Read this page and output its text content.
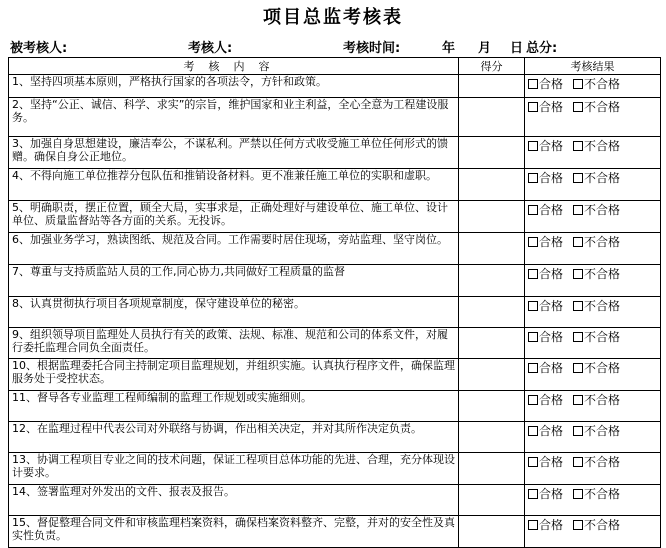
项目总监考核表
被考核人:	考核人:	考核时间:	年 月 日 总分:
考核内容	得分	考核结果
1、坚持四项基本原则，严格执行国家的各项法令，方针和政策。		合格 不合格
2、坚持“公正、诚信、科学、求实”的宗旨，维护国家和业主利益，全心全意为工程建设服务。		合格 不合格
3、加强自身思想建设，廉洁奉公，不谋私利。严禁以任何方式收受施工单位任何形式的馈赠。确保自身公正地位。		合格 不合格
4、不得向施工单位推荐分包队伍和推销设备材料。更不准兼任施工单位的实职和虚职。		合格 不合格
5、明确职责，摆正位置，顾全大局，实事求是，正确处理好与建设单位、施工单位、设计单位、质量监督站等各方面的关系。无投诉。		合格 不合格
6、加强业务学习，熟读图纸、规范及合同。工作需要时居住现场，旁站监理、坚守岗位。		合格 不合格
7、尊重与支持质监站人员的工作,同心协力,共同做好工程质量的监督		合格 不合格
8、认真贯彻执行项目各项规章制度，保守建设单位的秘密。		合格 不合格
9、组织领导项目监理处人员执行有关的政策、法规、标准、规范和公司的体系文件，对履行委托监理合同负全面责任。		合格 不合格
10、根据监理委托合同主持制定项目监理规划，并组织实施。认真执行程序文件，确保监理服务处于受控状态。		合格 不合格
11、督导各专业监理工程师编制的监理工作规划或实施细则。		合格 不合格
12、在监理过程中代表公司对外联络与协调，作出相关决定，并对其所作决定负责。		合格 不合格
13、协调工程项目专业之间的技术问题，保证工程项目总体功能的先进、合理，充分体现设计要求。		合格 不合格
14、签署监理对外发出的文件、报表及报告。		合格 不合格
15、督促整理合同文件和审核监理档案资料，确保档案资料整齐、完整，并对的安全性及真实性负责。		合格 不合格
